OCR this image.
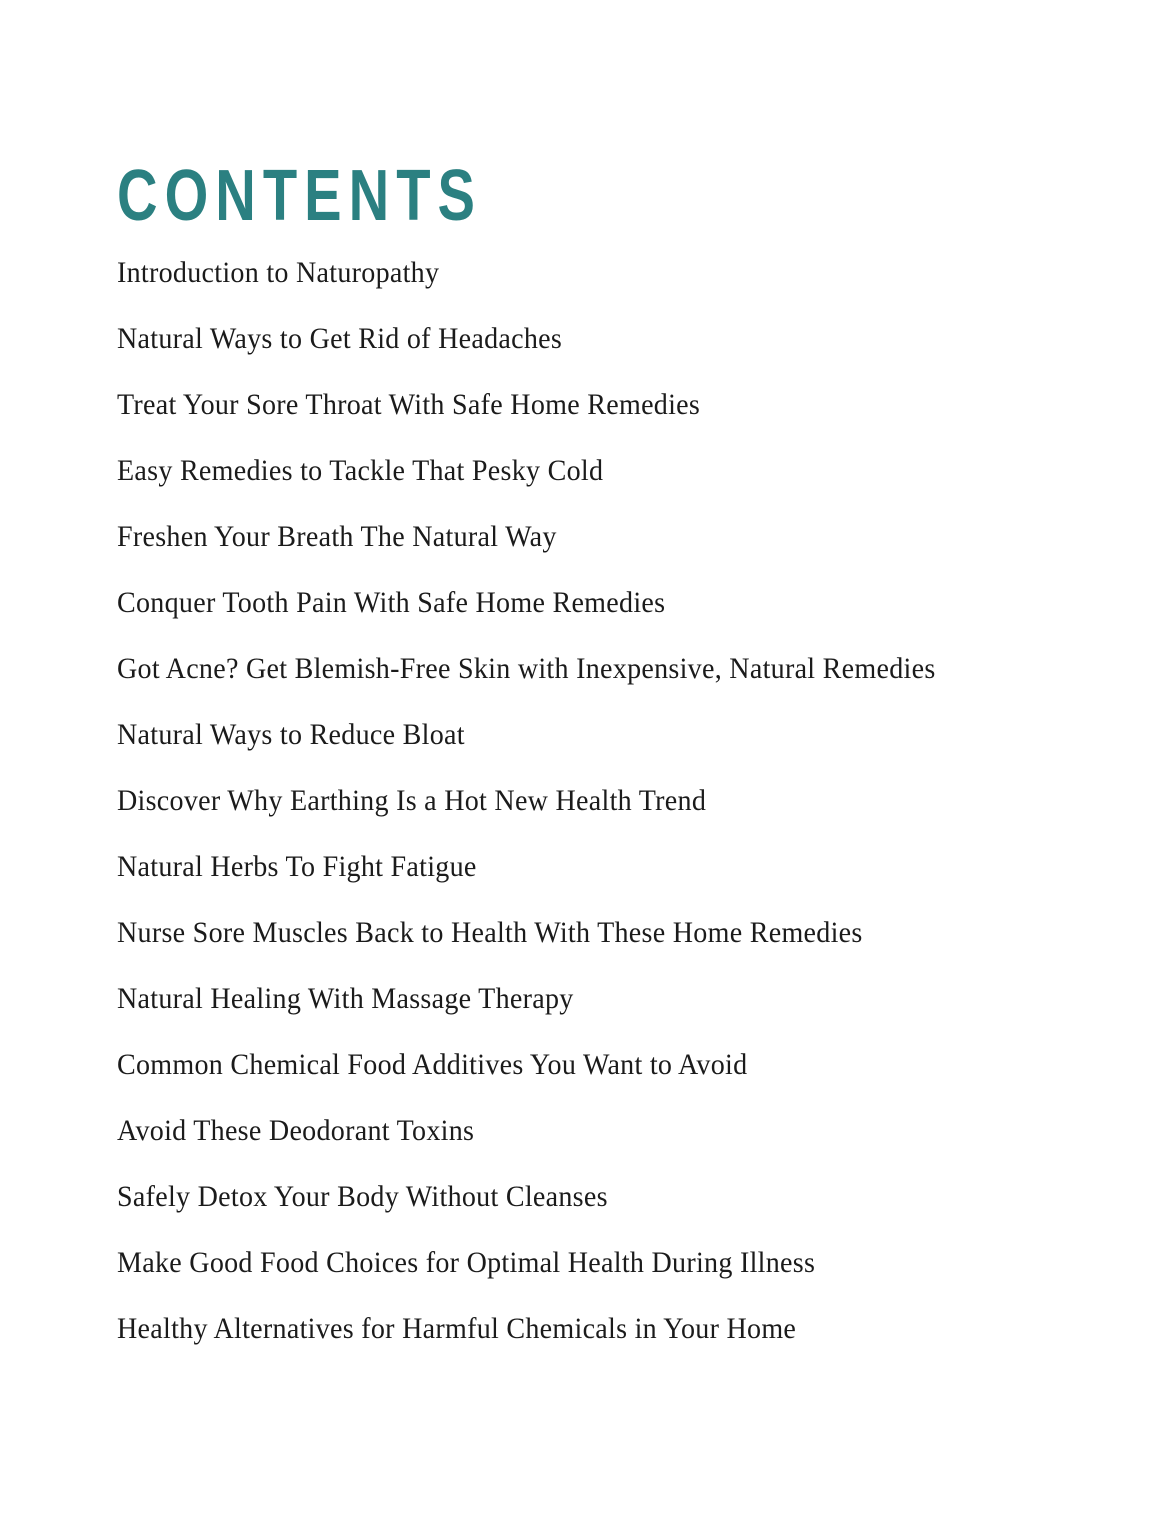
CONTENTS
Introduction to Naturopathy
Natural Ways to Get Rid of Headaches
Treat Your Sore Throat With Safe Home Remedies
Easy Remedies to Tackle That Pesky Cold
Freshen Your Breath The Natural Way
Conquer Tooth Pain With Safe Home Remedies
Got Acne? Get Blemish-Free Skin with Inexpensive, Natural Remedies
Natural Ways to Reduce Bloat
Discover Why Earthing Is a Hot New Health Trend
Natural Herbs To Fight Fatigue
Nurse Sore Muscles Back to Health With These Home Remedies
Natural Healing With Massage Therapy
Common Chemical Food Additives You Want to Avoid
Avoid These Deodorant Toxins
Safely Detox Your Body Without Cleanses
Make Good Food Choices for Optimal Health During Illness
Healthy Alternatives for Harmful Chemicals in Your Home
